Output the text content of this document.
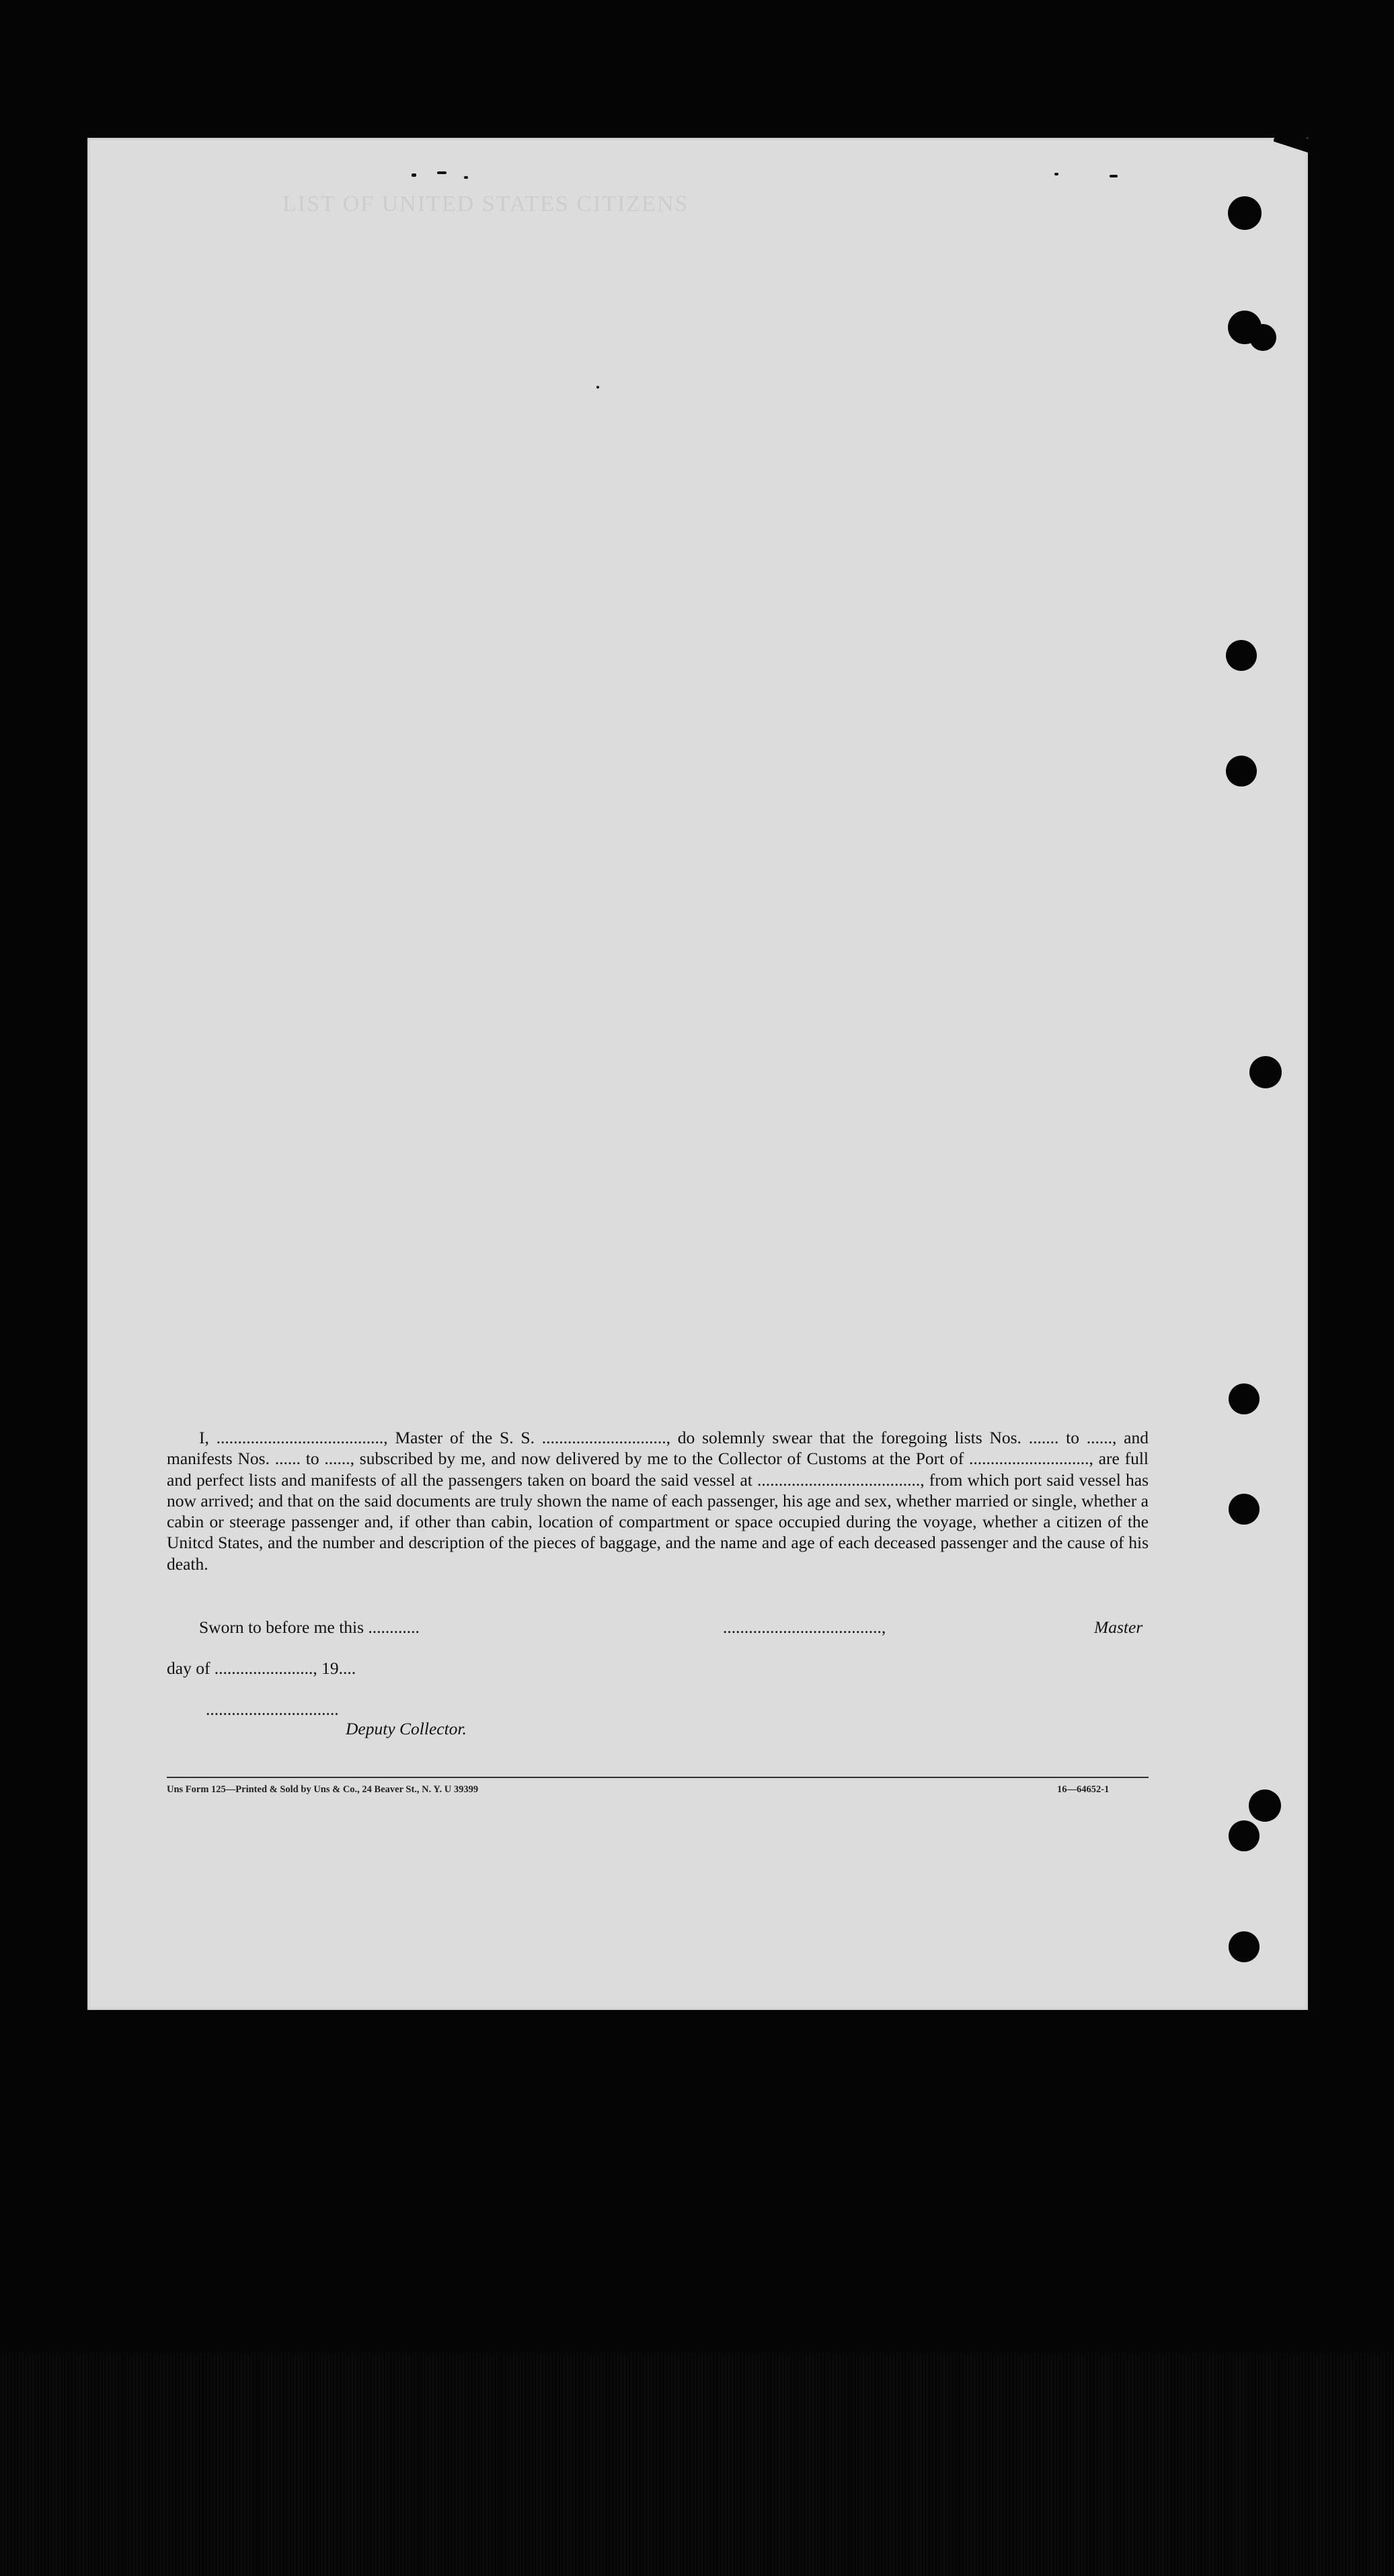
LIST OF UNITED STATES CITIZENS

I, ......................................., Master of the S. S. ............................., do solemnly swear that the foregoing lists Nos. ....... to ......, and manifests Nos. ...... to ......, subscribed by me, and now delivered by me to the Collector of Customs at the Port of ............................, are full and perfect lists and manifests of all the passengers taken on board the said vessel at ......................................, from which port said vessel has now arrived; and that on the said documents are truly shown the name of each passenger, his age and sex, whether married or single, whether a cabin or steerage passenger and, if other than cabin, location of compartment or space occupied during the voyage, whether a citizen of the Unitcd States, and the number and description of the pieces of baggage, and the name and age of each deceased passenger and the cause of his death.

Sworn to before me this ............	.....................................,	Master
day of ......................., 19....
...............................
Deputy Collector.
Uns Form 125—Printed & Sold by Uns & Co., 24 Beaver St., N. Y. U 39399	16—64652-1
